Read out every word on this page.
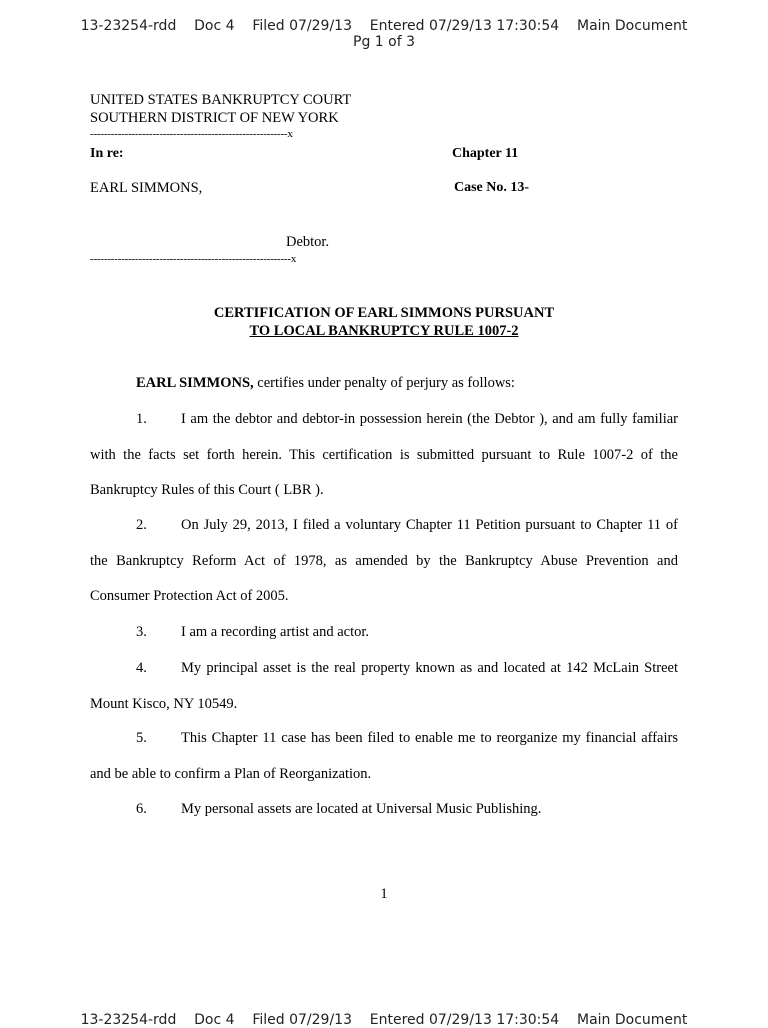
13-23254-rdd    Doc 4    Filed 07/29/13    Entered 07/29/13 17:30:54    Main Document
Pg 1 of 3
UNITED STATES BANKRUPTCY COURT
SOUTHERN DISTRICT OF NEW YORK
---------------------------------------------------------x
In re:	Chapter 11
EARL SIMMONS,	Case No. 13-
Debtor.
----------------------------------------------------------x
CERTIFICATION OF EARL SIMMONS PURSUANT
TO LOCAL BANKRUPTCY RULE 1007-2
EARL SIMMONS, certifies under penalty of perjury as follows:
1. I am the debtor and debtor-in possession herein (the Debtor ), and am fully familiar with the facts set forth herein. This certification is submitted pursuant to Rule 1007-2 of the Bankruptcy Rules of this Court ( LBR ).
2. On July 29, 2013, I filed a voluntary Chapter 11 Petition pursuant to Chapter 11 of the Bankruptcy Reform Act of 1978, as amended by the Bankruptcy Abuse Prevention and Consumer Protection Act of 2005.
3. I am a recording artist and actor.
4. My principal asset is the real property known as and located at 142 McLain Street Mount Kisco, NY 10549.
5. This Chapter 11 case has been filed to enable me to reorganize my financial affairs and be able to confirm a Plan of Reorganization.
6. My personal assets are located at Universal Music Publishing.
1
13-23254-rdd    Doc 4    Filed 07/29/13    Entered 07/29/13 17:30:54    Main Document
